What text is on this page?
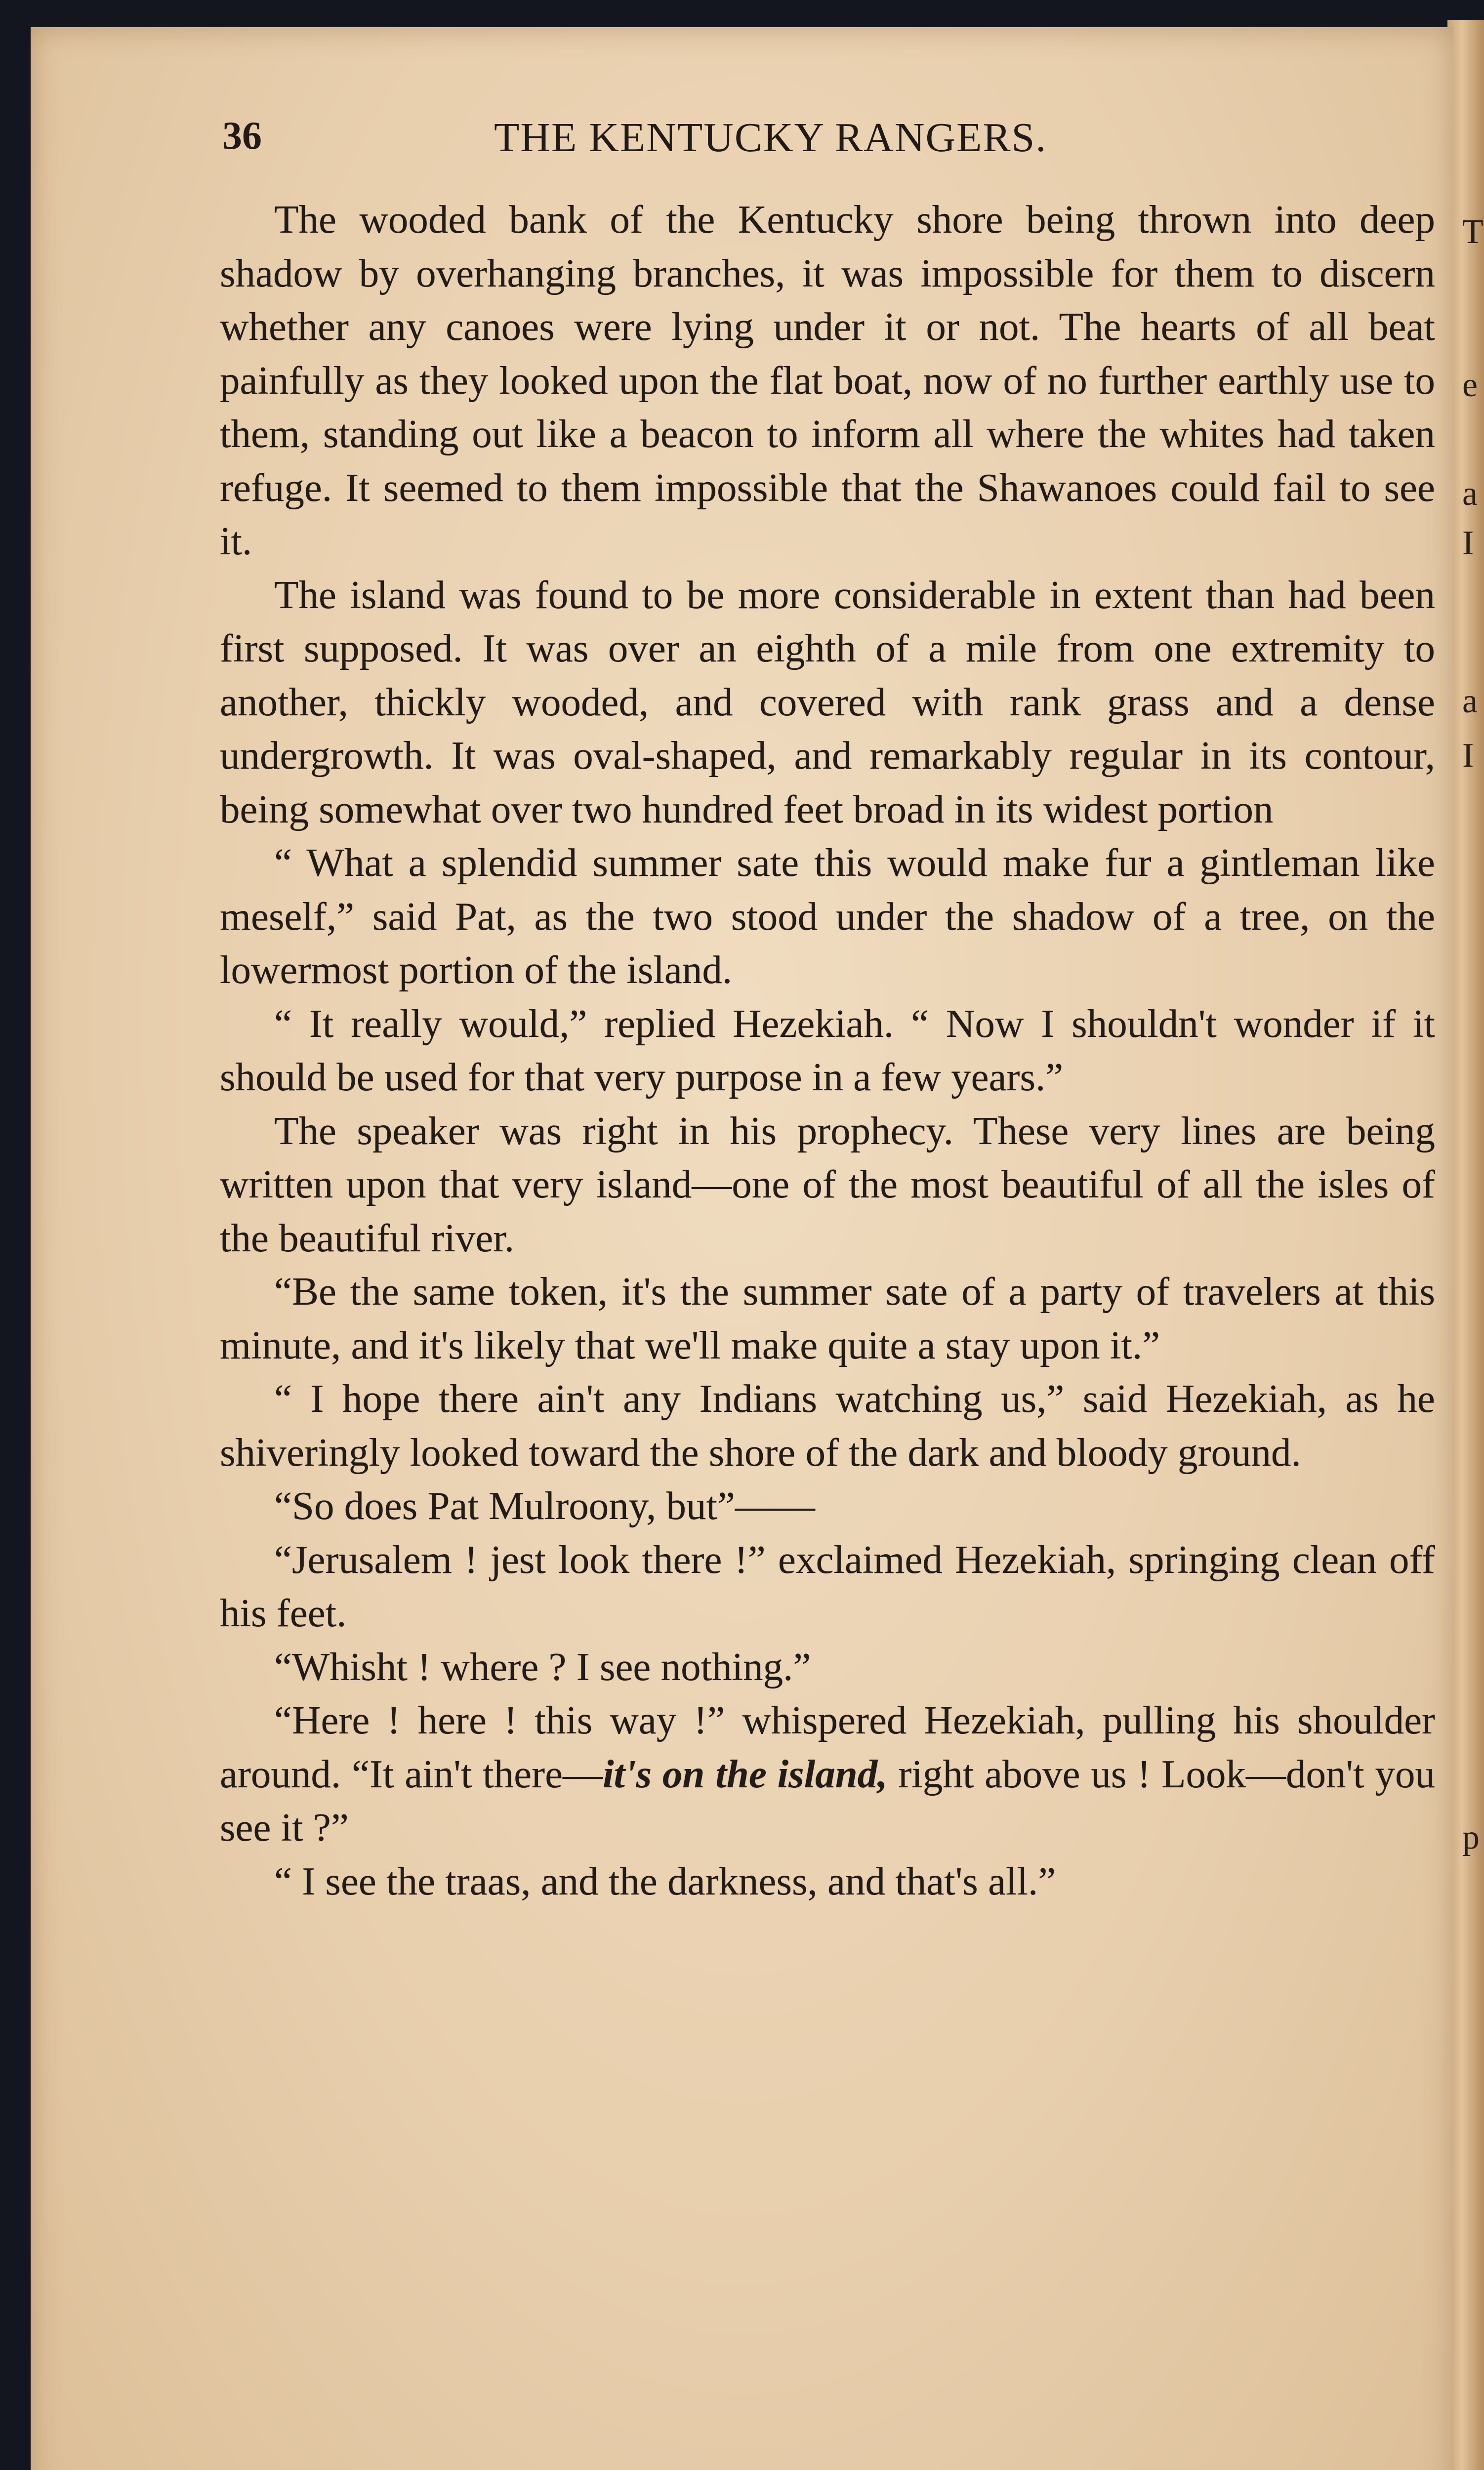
T
e
a
I
a
I
p
36	THE KENTUCKY RANGERS.

The wooded bank of the Kentucky shore being thrown into deep shadow by overhanging branches, it was impossible for them to discern whether any canoes were lying under it or not. The hearts of all beat painfully as they looked upon the flat boat, now of no further earthly use to them, standing out like a beacon to inform all where the whites had taken refuge. It seemed to them impossible that the Shawanoes could fail to see it.

The island was found to be more considerable in extent than had been first supposed. It was over an eighth of a mile from one extremity to another, thickly wooded, and covered with rank grass and a dense undergrowth. It was oval-shaped, and remarkably regular in its contour, being somewhat over two hundred feet broad in its widest portion

“ What a splendid summer sate this would make fur a gintleman like meself,” said Pat, as the two stood under the shadow of a tree, on the lowermost portion of the island.

“ It really would,” replied Hezekiah. “ Now I shouldn't wonder if it should be used for that very purpose in a few years.”

The speaker was right in his prophecy. These very lines are being written upon that very island—one of the most beautiful of all the isles of the beautiful river.

“Be the same token, it's the summer sate of a party of travelers at this minute, and it's likely that we'll make quite a stay upon it.”

“ I hope there ain't any Indians watching us,” said Hezekiah, as he shiveringly looked toward the shore of the dark and bloody ground.

“So does Pat Mulroony, but”——

“Jerusalem ! jest look there !” exclaimed Hezekiah, springing clean off his feet.

“Whisht ! where ? I see nothing.”

“Here ! here ! this way !” whispered Hezekiah, pulling his shoulder around. “It ain't there—it's on the island, right above us ! Look—don't you see it ?”

“ I see the traas, and the darkness, and that's all.”
